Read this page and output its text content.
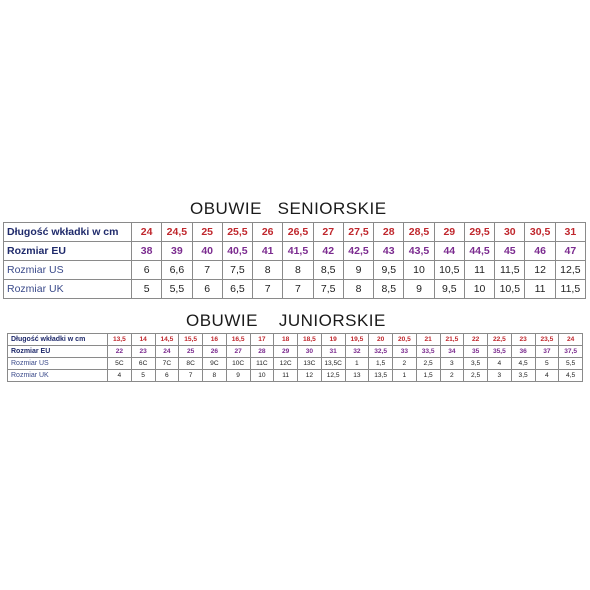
OBUWIE   SENIORSKIE
Długość wkładki w cm	24	24,5	25	25,5	26	26,5	27	27,5	28	28,5	29	29,5	30	30,5	31
Rozmiar EU	38	39	40	40,5	41	41,5	42	42,5	43	43,5	44	44,5	45	46	47
Rozmiar US	6	6,6	7	7,5	8	8	8,5	9	9,5	10	10,5	11	11,5	12	12,5
Rozmiar UK	5	5,5	6	6,5	7	7	7,5	8	8,5	9	9,5	10	10,5	11	11,5
OBUWIE    JUNIORSKIE
Długość wkładki w cm	13,5	14	14,5	15,5	16	16,5	17	18	18,5	19	19,5	20	20,5	21	21,5	22	22,5	23	23,5	24
Rozmiar EU	22	23	24	25	26	27	28	29	30	31	32	32,5	33	33,5	34	35	35,5	36	37	37,5
Rozmiar US	5C	6C	7C	8C	9C	10C	11C	12C	13C	13,5C	1	1,5	2	2,5	3	3,5	4	4,5	5	5,5
Rozmiar UK	4	5	6	7	8	9	10	11	12	12,5	13	13,5	1	1,5	2	2,5	3	3,5	4	4,5
